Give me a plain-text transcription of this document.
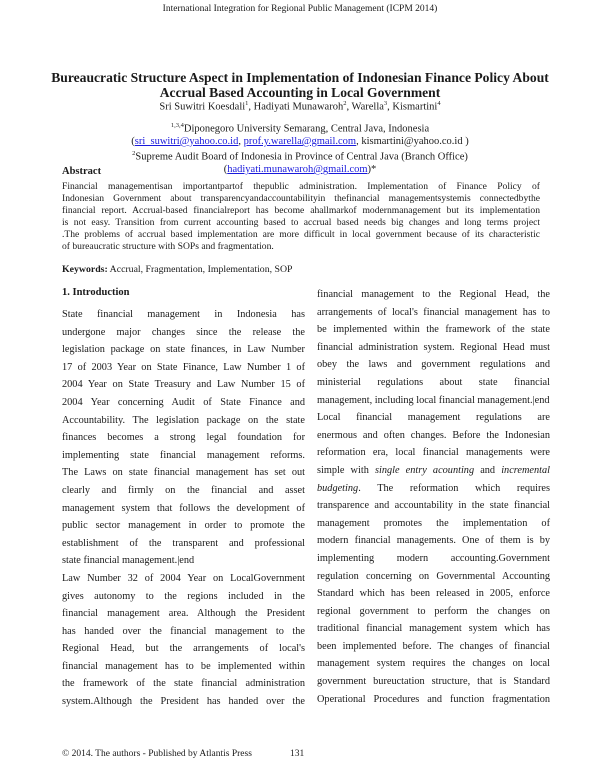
International Integration for Regional Public Management (ICPM 2014)
Bureaucratic Structure Aspect in Implementation of Indonesian Finance Policy About
Accrual Based Accounting in Local Government
Sri Suwitri Koesdali$^1$, Hadiyati Munawaroh$^2$, Warella$^3$, Kismartini$^4$
$^{1,3,4}$Diponegoro University Semarang, Central Java, Indonesia
(sri_suwitri@yahoo.co.id, prof.y.warella@gmail.com, kismartini@yahoo.co.id )
$^2$Supreme Audit Board of Indonesia in Province of Central Java (Branch Office)
(hadiyati.munawaroh@gmail.com)*
Abstract
Financial managementisan importantpartof thepublic administration. Implementation of Finance Policy of
Indonesian Government about transparencyandaccountabilityin thefinancial managementsystemis connectedbythe
financial report. Accrual-based financialreport has become ahallmarkof modernmanagement but its implementation
is not easy. Transition from current accounting based to accrual based needs big changes and long terms project
.The problems of accrual based implementation are more difficult in local government because of its characteristic
of bureaucratic structure with SOPs and fragmentation.
Keywords: Accrual, Fragmentation, Implementation, SOP
1. Introduction
State financial management in Indonesia has
undergone major changes since the release the
legislation package on state finances, in Law Number
17 of 2003 Year on State Finance, Law Number 1 of
2004 Year on State Treasury and Law Number 15 of
2004 Year concerning Audit of State Finance and
Accountability. The legislation package on the state
finances becomes a strong legal foundation for
implementing state financial management reforms.
The Laws on state financial management has set out
clearly and firmly on the financial and asset
management system that follows the development of
public sector management in order to promote the
establishment of the transparent and professional
state financial management.|end
Law Number 32 of 2004 Year on LocalGovernment
gives autonomy to the regions included in the
financial management area. Although the President
has handed over the financial management to the
Regional Head, but the arrangements of local's
financial management has to be implemented within
the framework of the state financial administration
system.Although the President has handed over the
financial management to the Regional Head, the
arrangements of local's financial management has to
be implemented within the framework of the state
financial administration system. Regional Head must
obey the laws and government regulations and
ministerial regulations about state financial
management, including local financial management.|end
Local financial management regulations are
enermous and often changes. Before the Indonesian
reformation era, local financial managements were
simple with single entry acounting and incremental
budgeting. The reformation which requires
transparence and accountability in the state financial
management promotes the implementation of
modern financial managements. One of them is by
implementing modern accounting.Government
regulation concerning on Governmental Accounting
Standard which has been released in 2005, enforce
regional government to perform the changes on
traditional financial management system which has
been implemented before. The changes of financial
management system requires the changes on local
government bureuctation structure, that is Standard
Operational Procedures and function fragmentation
© 2014. The authors - Published by Atlantis Press	131
